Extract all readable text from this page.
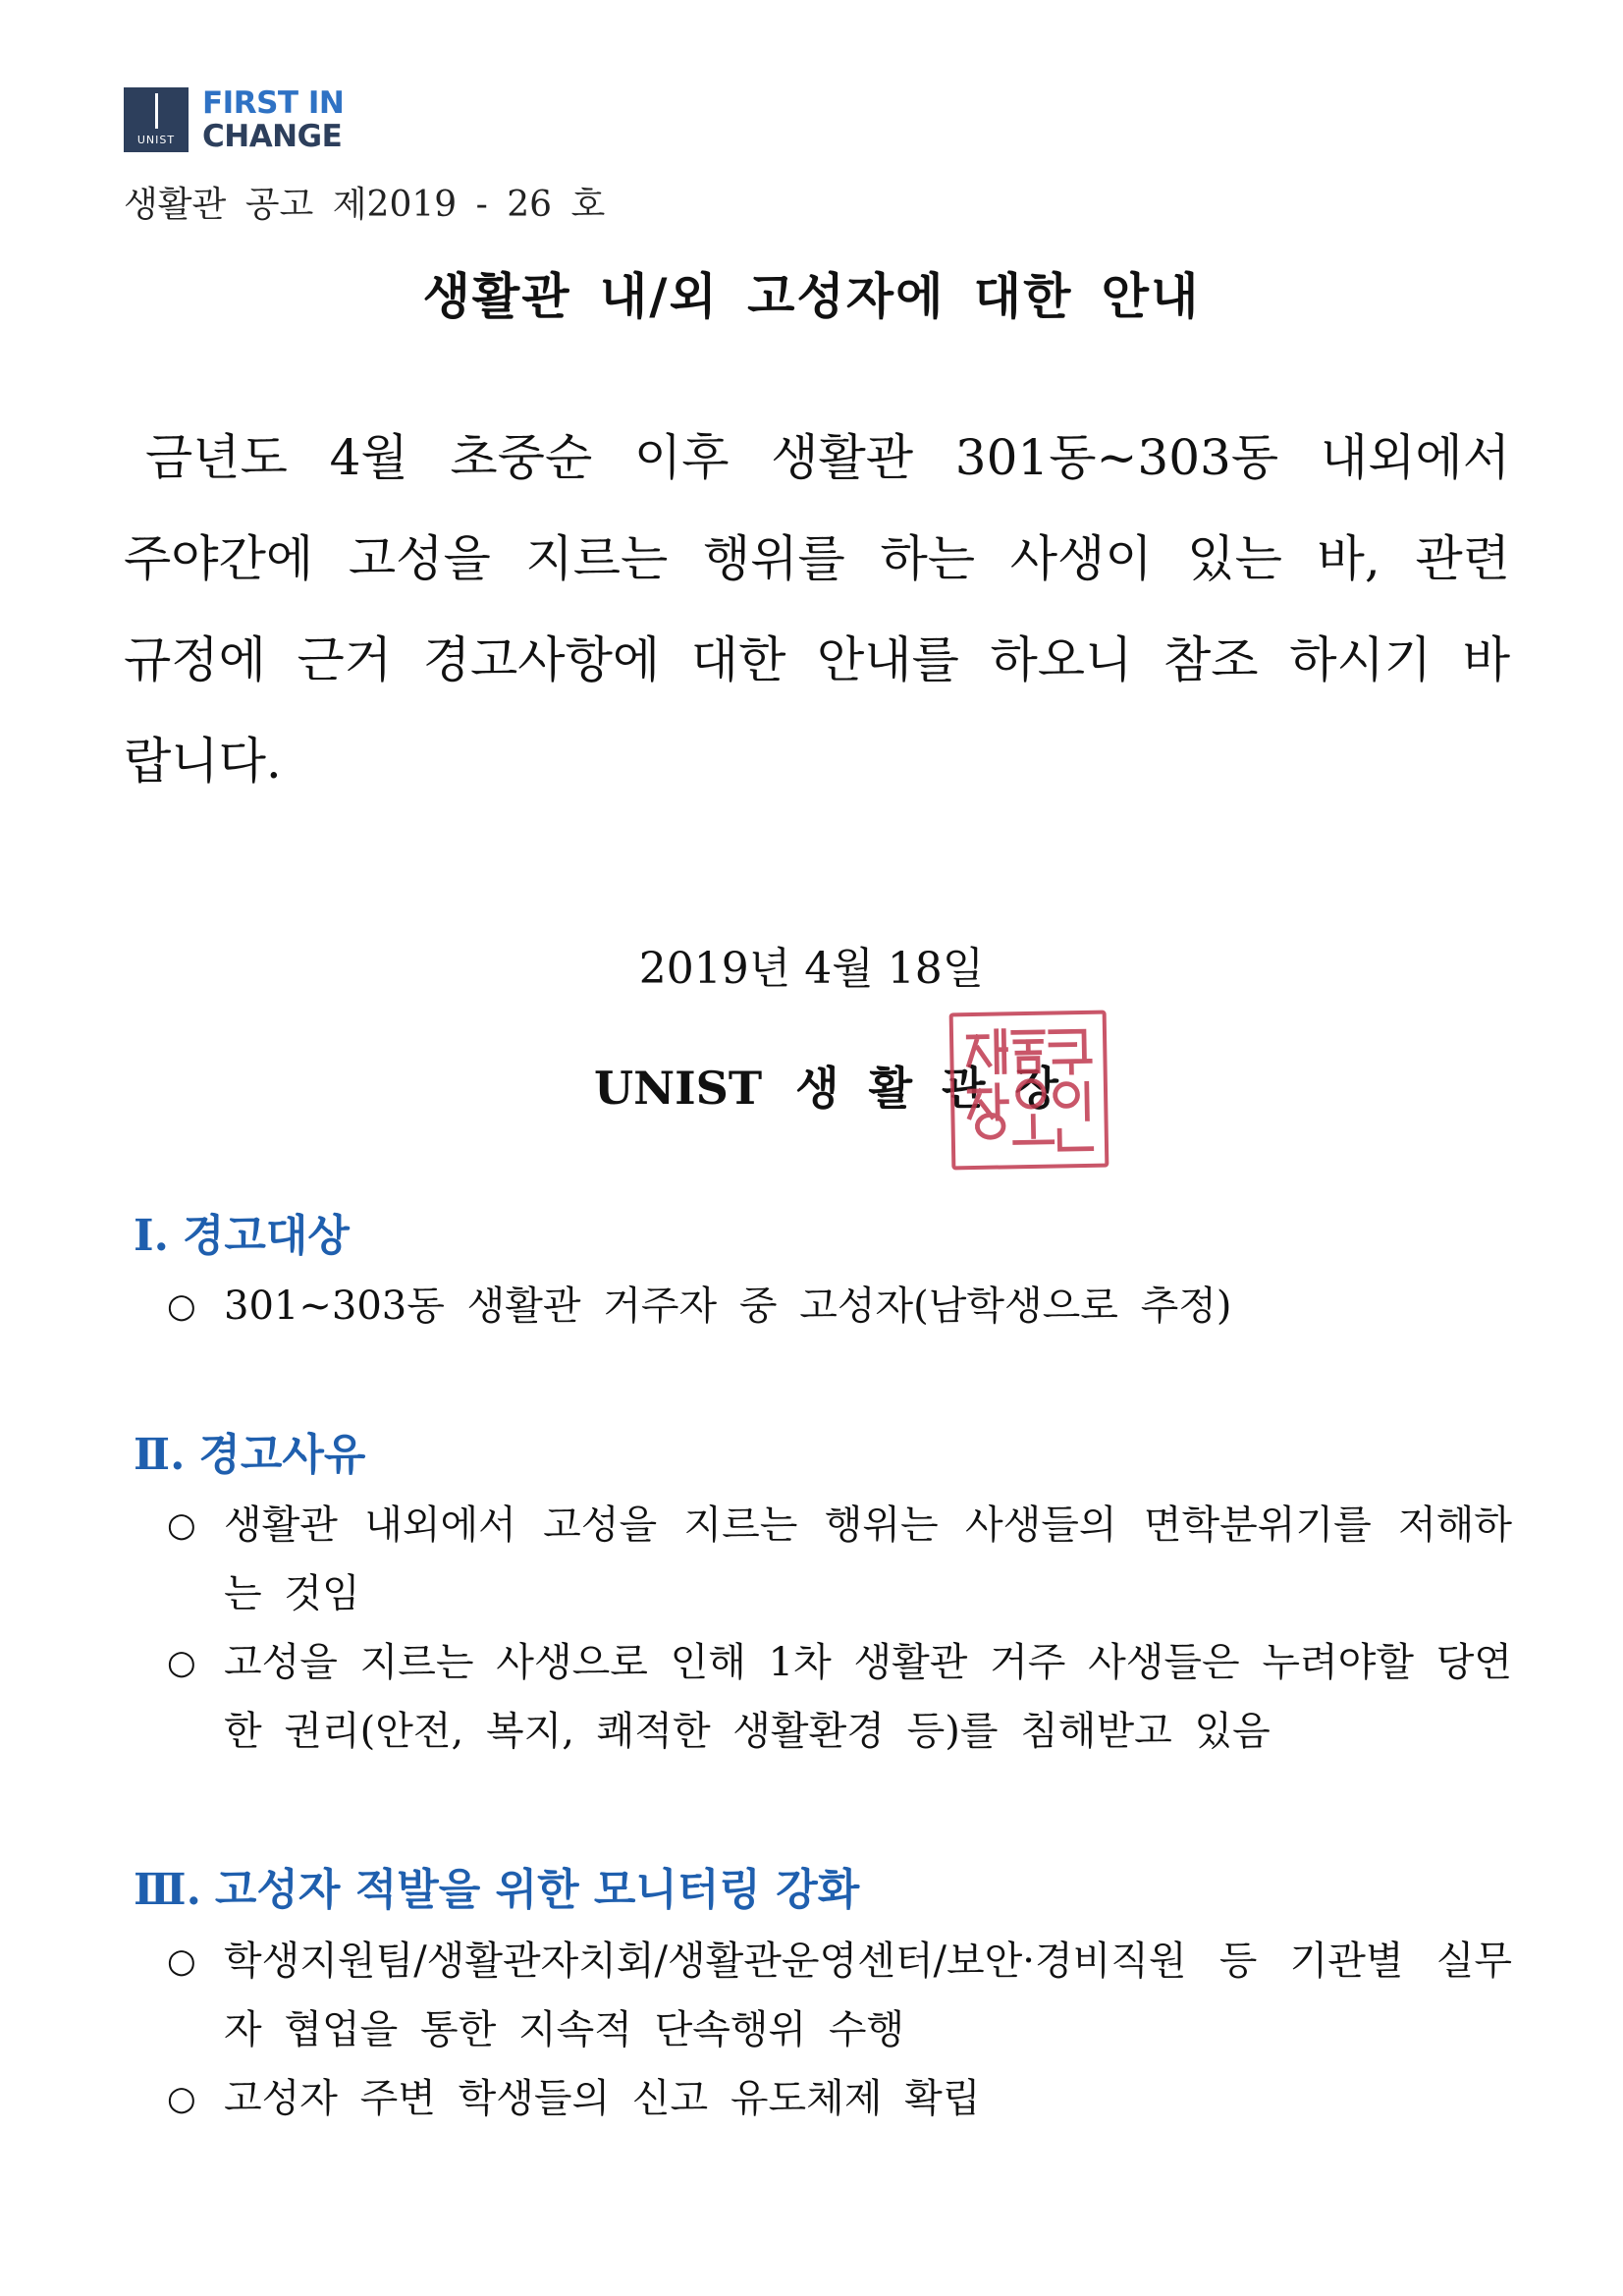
UNIST
FIRST IN
CHANGE
생활관 공고 제2019 - 26 호
생활관 내/외 고성자에 대한 안내

금년도 4월 초중순 이후 생활관 301동~303동 내외에서 주야간에 고성을 지르는 행위를 하는 사생이 있는 바, 관련 규정에 근거 경고사항에 대한 안내를 하오니 참조 하시기 바랍니다.

2019년 4월 18일
UNIST 생활관장
Ⅰ. 경고대상
○ 301~303동 생활관 거주자 중 고성자(남학생으로 추정)
Ⅱ. 경고사유
○ 생활관 내외에서 고성을 지르는 행위는 사생들의 면학분위기를 저해하는 것임
○ 고성을 지르는 사생으로 인해 1차 생활관 거주 사생들은 누려야할 당연한 권리(안전, 복지, 쾌적한 생활환경 등)를 침해받고 있음
Ⅲ. 고성자 적발을 위한 모니터링 강화
○ 학생지원팀/생활관자치회/생활관운영센터/보안·경비직원 등 기관별 실무자 협업을 통한 지속적 단속행위 수행
○ 고성자 주변 학생들의 신고 유도체제 확립
